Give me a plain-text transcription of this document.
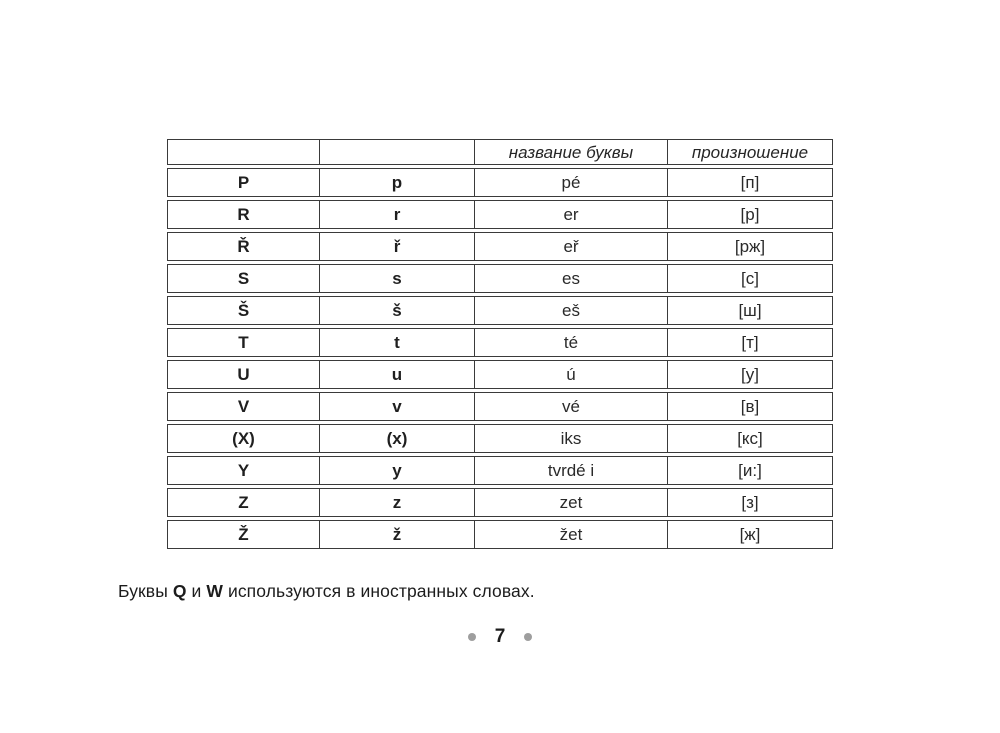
		название буквы	произношение
P	p	pé	[п]
R	r	er	[р]
Ř	ř	eř	[рж]
S	s	es	[с]
Š	š	eš	[ш]
T	t	té	[т]
U	u	ú	[у]
V	v	vé	[в]
(X)	(x)	iks	[кс]
Y	y	tvrdé i	[и:]
Z	z	zet	[з]
Ž	ž	žet	[ж]

Буквы Q и W используются в иностранных словах.

7
